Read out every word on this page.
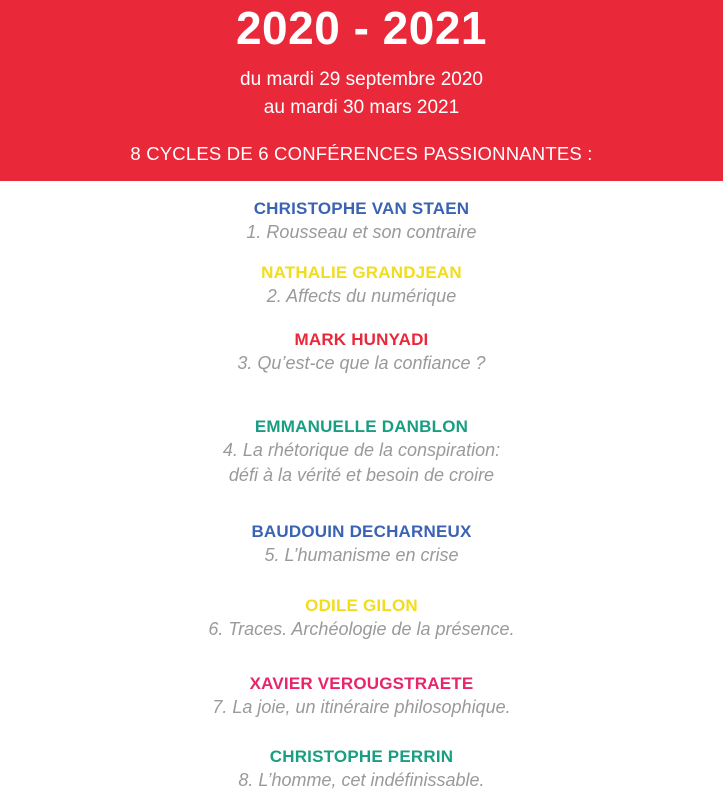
2020 - 2021
du mardi 29 septembre 2020
au mardi 30 mars 2021
8 CYCLES DE 6 CONFÉRENCES PASSIONNANTES :
CHRISTOPHE VAN STAEN
1. Rousseau et son contraire
NATHALIE GRANDJEAN
2. Affects du numérique
MARK HUNYADI
3. Qu’est-ce que la confiance ?
EMMANUELLE DANBLON
4. La rhétorique de la conspiration:
défi à la vérité et besoin de croire
BAUDOUIN DECHARNEUX
5. L’humanisme en crise
ODILE GILON
6. Traces. Archéologie de la présence.
XAVIER VEROUGSTRAETE
7. La joie, un itinéraire philosophique.
CHRISTOPHE PERRIN
8. L’homme, cet indéfinissable.
